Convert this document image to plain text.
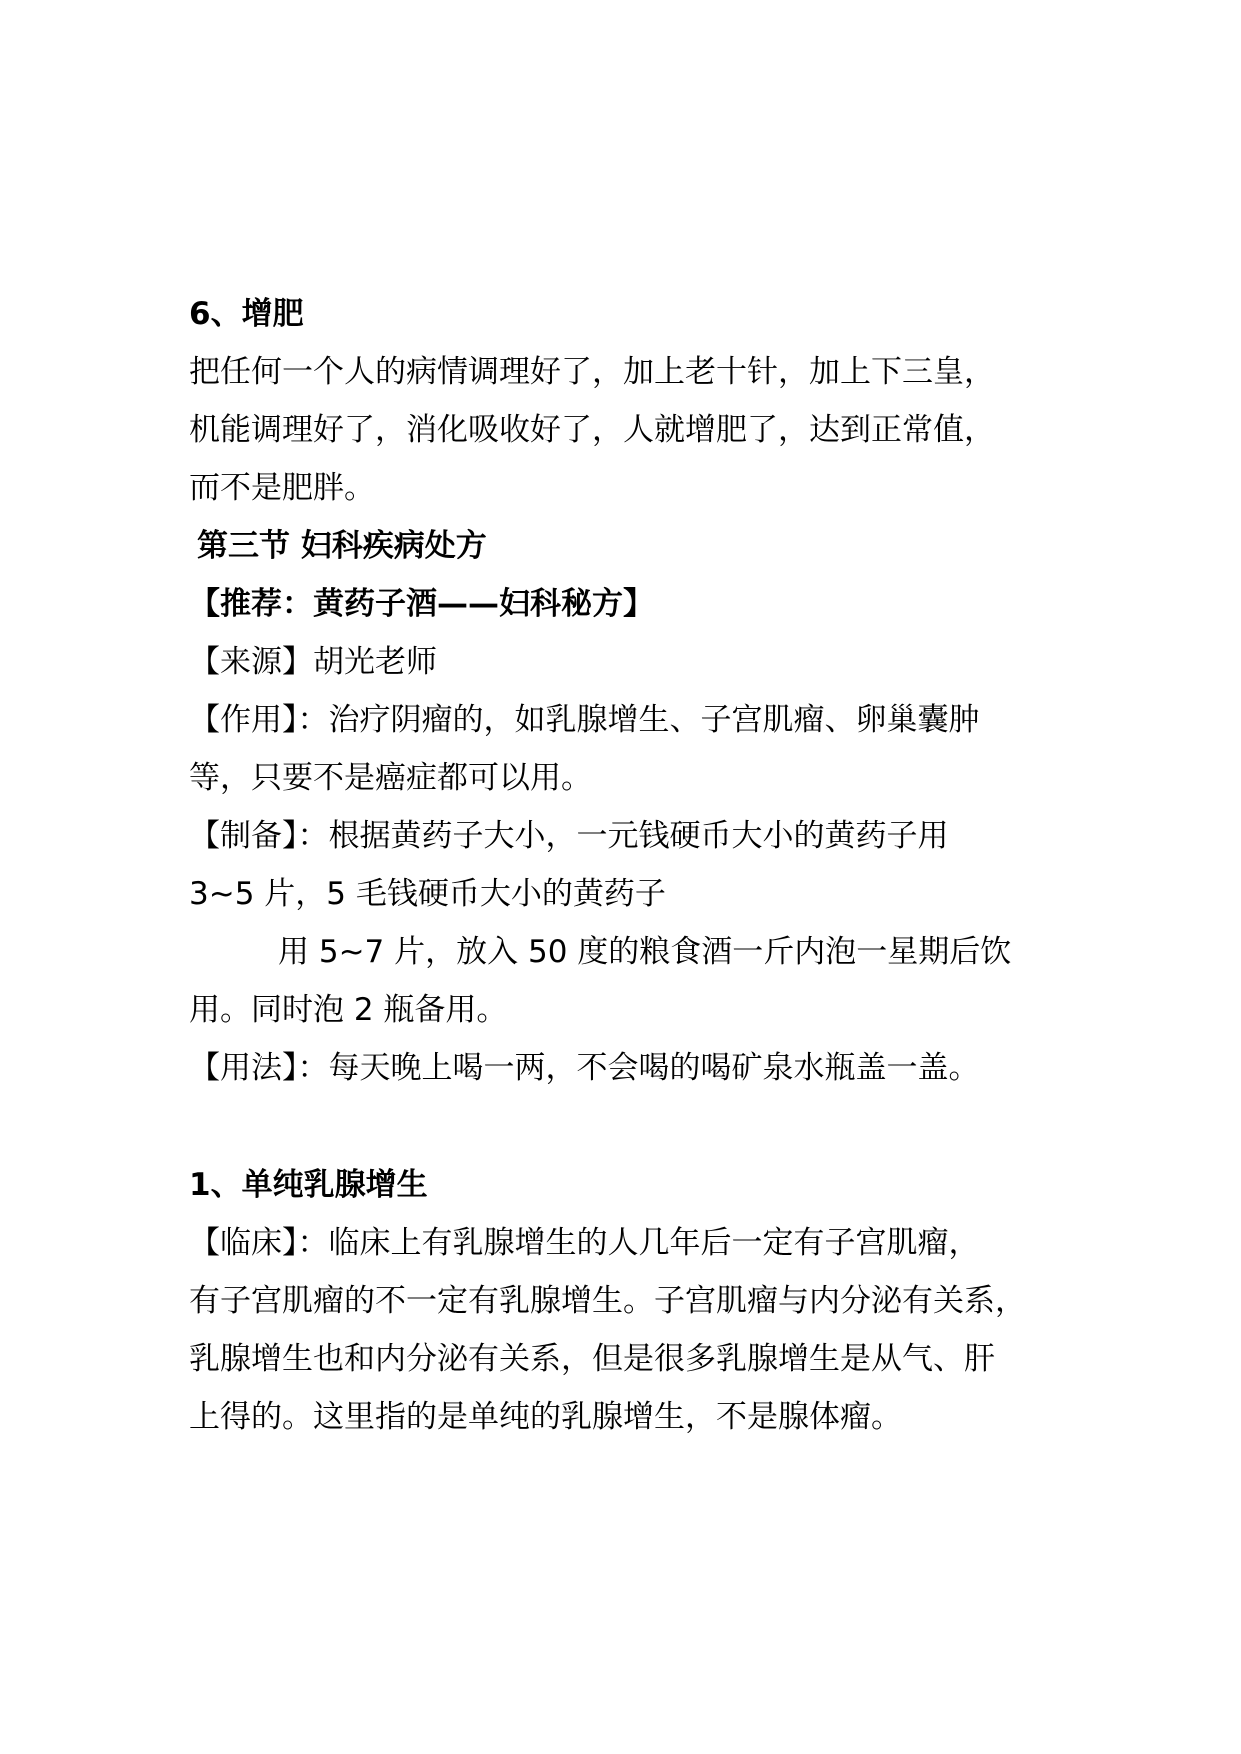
6、增肥
把任何一个人的病情调理好了，加上老十针，加上下三皇，
机能调理好了，消化吸收好了，人就增肥了，达到正常值，
而不是肥胖。
第三节 妇科疾病处方
【推荐：黄药子酒——妇科秘方】
【来源】胡光老师
【作用】：治疗阴瘤的，如乳腺增生、子宫肌瘤、卵巢囊肿
等，只要不是癌症都可以用。
【制备】：根据黄药子大小，一元钱硬币大小的黄药子用
3~5 片，5 毛钱硬币大小的黄药子
用 5~7 片，放入 50 度的粮食酒一斤内泡一星期后饮
用。同时泡 2 瓶备用。
【用法】：每天晚上喝一两，不会喝的喝矿泉水瓶盖一盖。
1、单纯乳腺增生
【临床】：临床上有乳腺增生的人几年后一定有子宫肌瘤，
有子宫肌瘤的不一定有乳腺增生。子宫肌瘤与内分泌有关系，
乳腺增生也和内分泌有关系，但是很多乳腺增生是从气、肝
上得的。这里指的是单纯的乳腺增生，不是腺体瘤。
